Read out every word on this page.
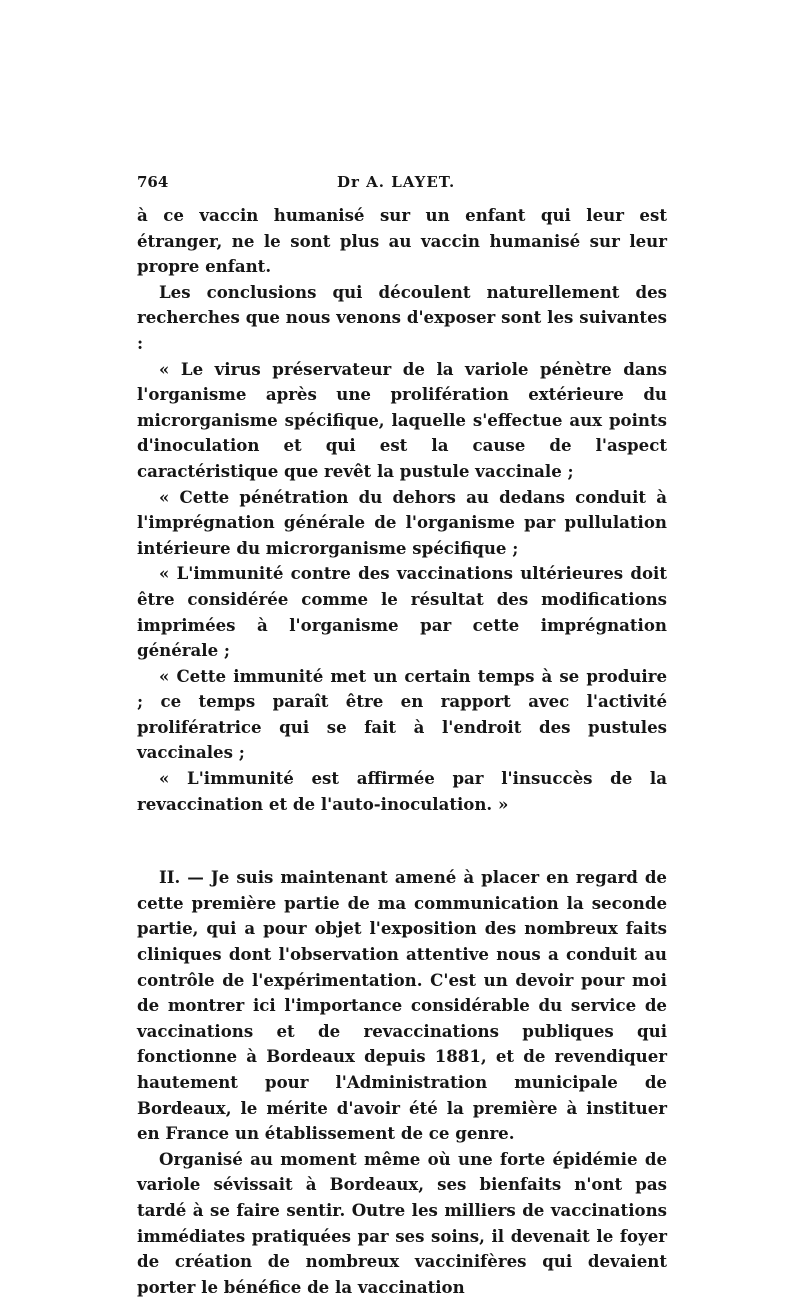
764	Dr A. LAYET.

à ce vaccin humanisé sur un enfant qui leur est étranger, ne le sont plus au vaccin humanisé sur leur propre enfant.

Les conclusions qui découlent naturellement des recherches que nous venons d'exposer sont les suivantes :

« Le virus préservateur de la variole pénètre dans l'organisme après une prolifération extérieure du microrganisme spécifique, laquelle s'effectue aux points d'inoculation et qui est la cause de l'aspect caractéristique que revêt la pustule vaccinale ;

« Cette pénétration du dehors au dedans conduit à l'imprégnation générale de l'organisme par pullulation intérieure du microrganisme spécifique ;

« L'immunité contre des vaccinations ultérieures doit être considérée comme le résultat des modifications imprimées à l'organisme par cette imprégnation générale ;

« Cette immunité met un certain temps à se produire ; ce temps paraît être en rapport avec l'activité prolifératrice qui se fait à l'endroit des pustules vaccinales ;

« L'immunité est affirmée par l'insuccès de la revaccination et de l'auto-inoculation. »

II. — Je suis maintenant amené à placer en regard de cette première partie de ma communication la seconde partie, qui a pour objet l'exposition des nombreux faits cliniques dont l'observation attentive nous a conduit au contrôle de l'expérimentation. C'est un devoir pour moi de montrer ici l'importance considérable du service de vaccinations et de revaccinations publiques qui fonctionne à Bordeaux depuis 1881, et de revendiquer hautement pour l'Administration municipale de Bordeaux, le mérite d'avoir été la première à instituer en France un établissement de ce genre.

Organisé au moment même où une forte épidémie de variole sévissait à Bordeaux, ses bienfaits n'ont pas tardé à se faire sentir. Outre les milliers de vaccinations immédiates pratiquées par ses soins, il devenait le foyer de création de nombreux vaccinifères qui devaient porter le bénéfice de la vaccination
